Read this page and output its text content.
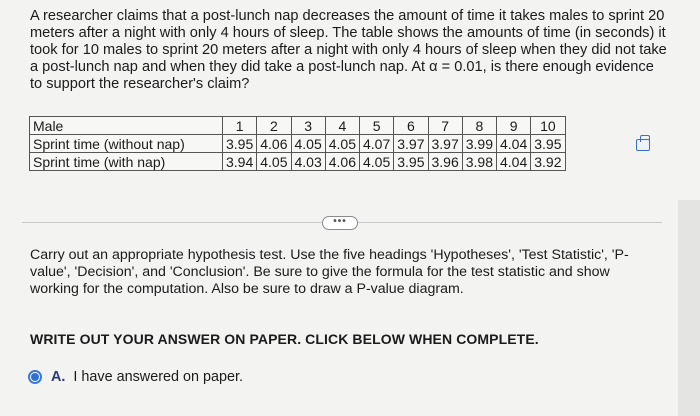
A researcher claims that a post-lunch nap decreases the amount of time it takes males to sprint 20 meters after a night with only 4 hours of sleep. The table shows the amounts of time (in seconds) it took for 10 males to sprint 20 meters after a night with only 4 hours of sleep when they did not take a post-lunch nap and when they did take a post-lunch nap. At α = 0.01, is there enough evidence to support the researcher's claim?
Male	1	2	3	4	5	6	7	8	9	10
Sprint time (without nap)	3.95	4.06	4.05	4.05	4.07	3.97	3.97	3.99	4.04	3.95
Sprint time (with nap)	3.94	4.05	4.03	4.06	4.05	3.95	3.96	3.98	4.04	3.92
•••
Carry out an appropriate hypothesis test. Use the five headings 'Hypotheses', 'Test Statistic', 'P-value', 'Decision', and 'Conclusion'. Be sure to give the formula for the test statistic and show working for the computation. Also be sure to draw a P-value diagram.
WRITE OUT YOUR ANSWER ON PAPER. CLICK BELOW WHEN COMPLETE.
A. I have answered on paper.
